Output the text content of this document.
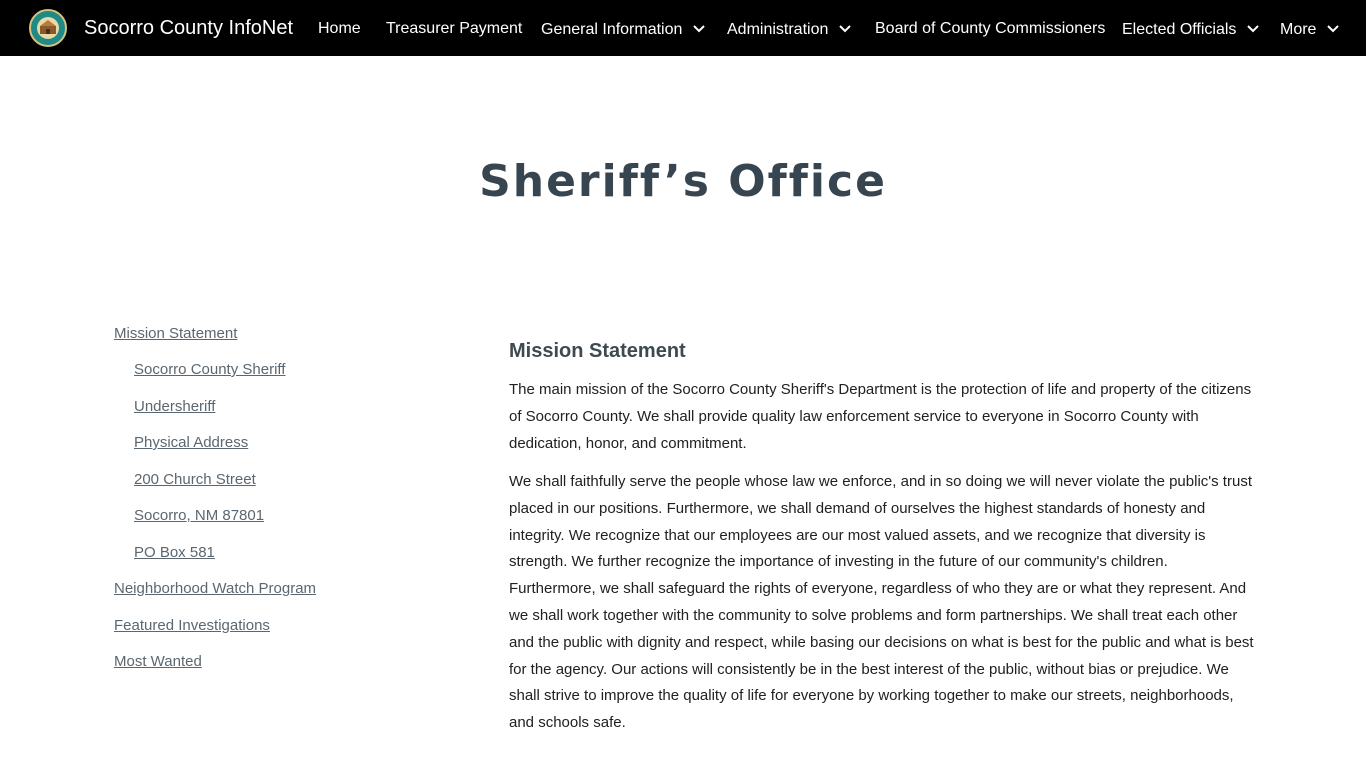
Socorro County InfoNet Home Treasurer Payment General Information	Administration	Board of County Commissioners Elected Officials	More
Sheriff’s Office
Mission Statement
Socorro County Sheriff
Undersheriff
Physical Address
200 Church Street
Socorro, NM 87801
PO Box 581
Neighborhood Watch Program
Featured Investigations
Most Wanted
Mission Statement

The main mission of the Socorro County Sheriff's Department is the protection of life and property of the citizens of Socorro County. We shall provide quality law enforcement service to everyone in Socorro County with dedication, honor, and commitment.

We shall faithfully serve the people whose law we enforce, and in so doing we will never violate the public's trust placed in our positions. Furthermore, we shall demand of ourselves the highest standards of honesty and integrity. We recognize that our employees are our most valued assets, and we recognize that diversity is strength. We further recognize the importance of investing in the future of our community's children. Furthermore, we shall safeguard the rights of everyone, regardless of who they are or what they represent. And we shall work together with the community to solve problems and form partnerships. We shall treat each other and the public with dignity and respect, while basing our decisions on what is best for the public and what is best for the agency. Our actions will consistently be in the best interest of the public, without bias or prejudice. We shall strive to improve the quality of life for everyone by working together to make our streets, neighborhoods, and schools safe.
